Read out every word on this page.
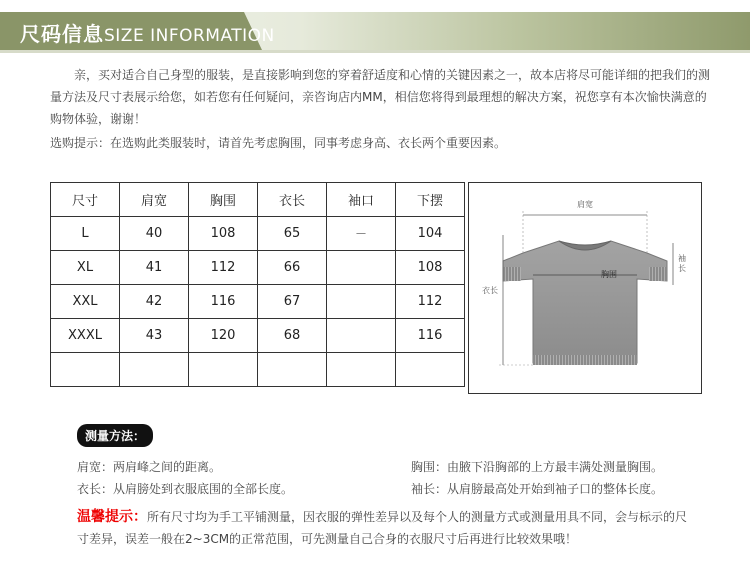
尺码信息SIZE INFORMATION

亲，买对适合自己身型的服装，是直接影响到您的穿着舒适度和心情的关键因素之一，故本店将尽可能详细的把我们的测量方法及尺寸表展示给您，如若您有任何疑问，亲咨询店内MM，相信您将得到最理想的解决方案，祝您享有本次愉快满意的购物体验，谢谢！

选购提示：在选购此类服装时，请首先考虑胸围，同事考虑身高、衣长两个重要因素。

尺寸	肩宽	胸围	衣长	袖口	下摆
L	40	108	65	－	104
XL	41	112	66		108
XXL	42	116	67		112
XXXL	43	120	68		116

肩宽
胸围
衣长
袖
长
测量方法：
肩宽：两肩峰之间的距离。	胸围：由腋下沿胸部的上方最丰满处测量胸围。
衣长：从肩膀处到衣服底围的全部长度。	袖长：从肩膀最高处开始到袖子口的整体长度。
温馨提示：所有尺寸均为手工平铺测量，因衣服的弹性差异以及每个人的测量方式或测量用具不同，会与标示的尺寸差异，误差一般在2~3CM的正常范围，可先测量自己合身的衣服尺寸后再进行比较效果哦！
